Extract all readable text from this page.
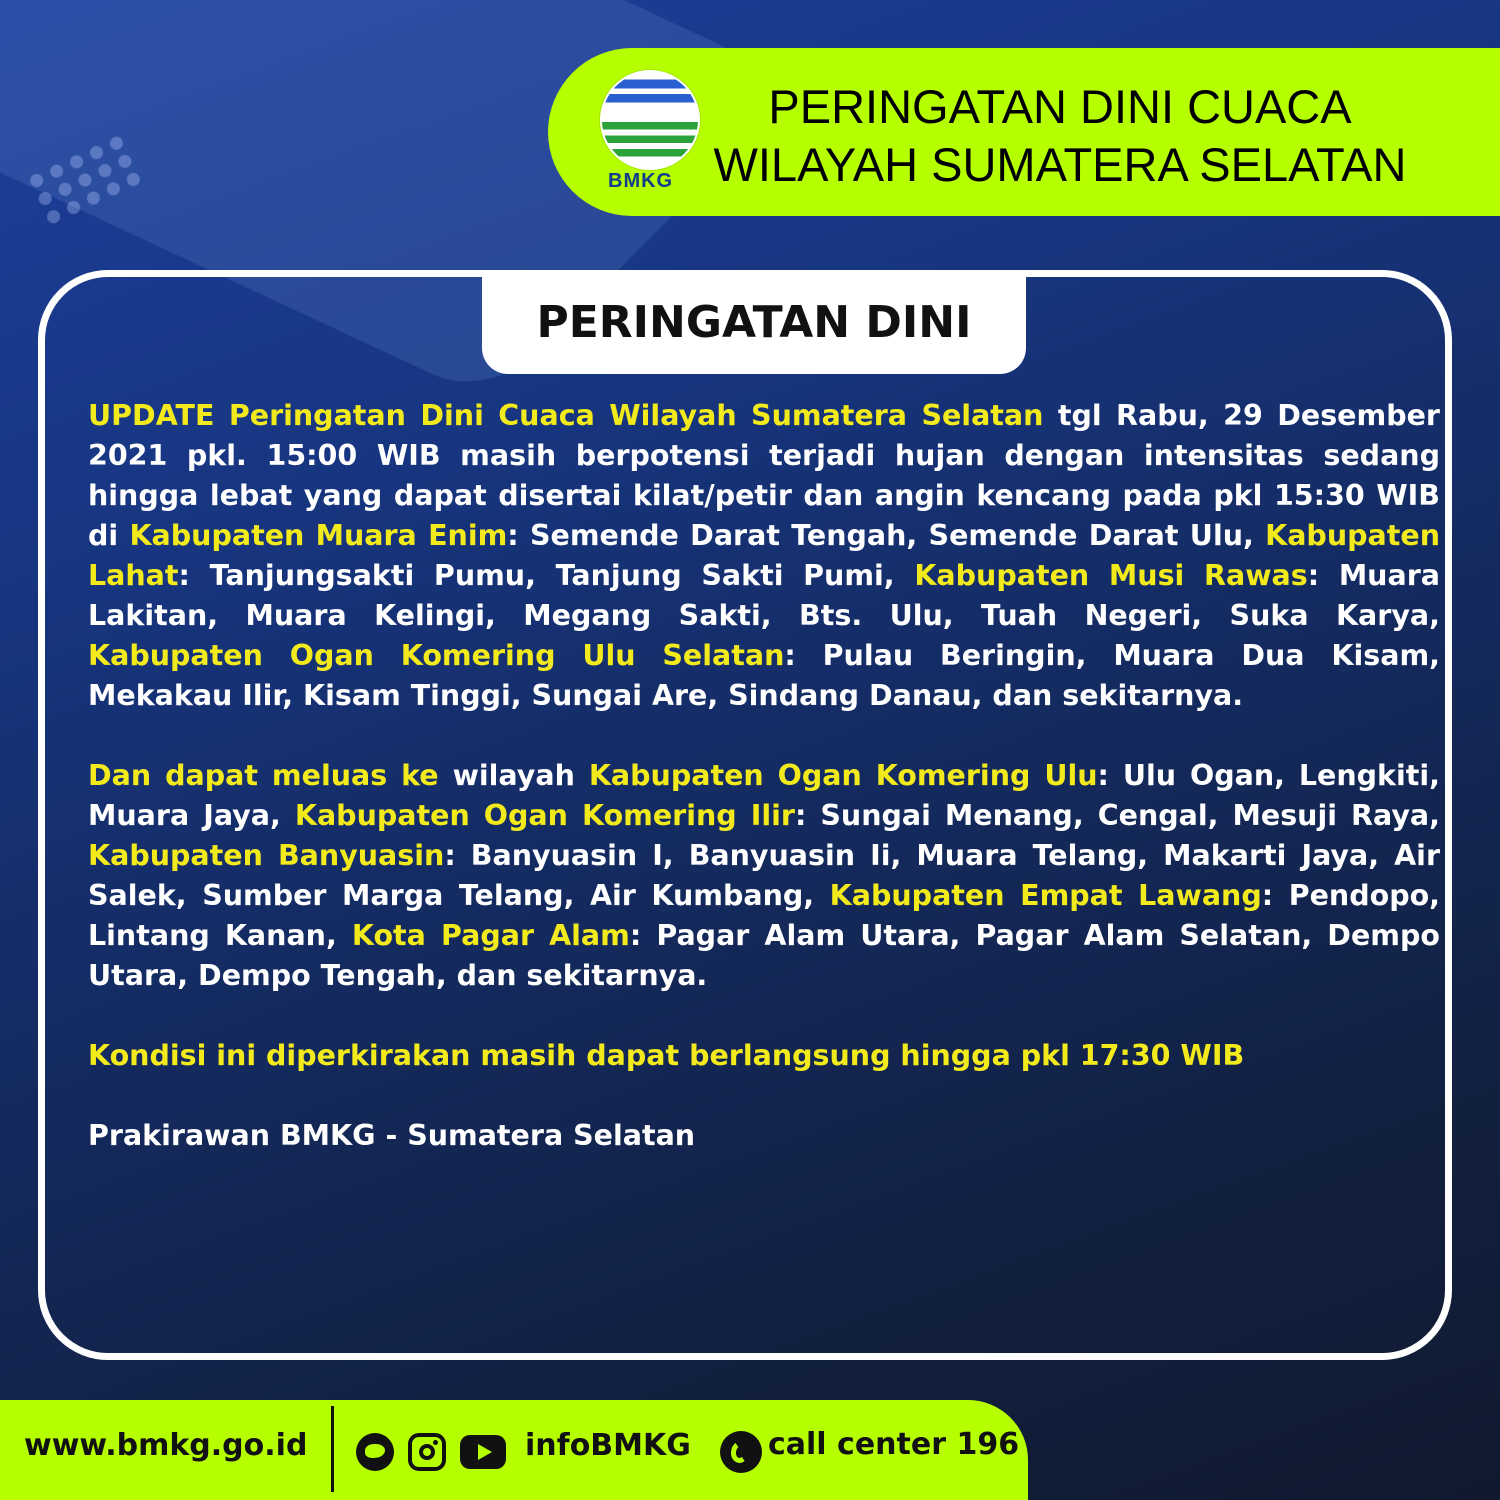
BMKG
PERINGATAN DINI CUACA
WILAYAH SUMATERA SELATAN
PERINGATAN DINI

UPDATE Peringatan Dini Cuaca Wilayah Sumatera Selatan tgl Rabu, 29 Desember 2021 pkl. 15:00 WIB masih berpotensi terjadi hujan dengan intensitas sedang hingga lebat yang dapat disertai kilat/petir dan angin kencang pada pkl 15:30 WIB di Kabupaten Muara Enim: Semende Darat Tengah, Semende Darat Ulu, Kabupaten Lahat: Tanjungsakti Pumu, Tanjung Sakti Pumi, Kabupaten Musi Rawas: Muara Lakitan, Muara Kelingi, Megang Sakti, Bts. Ulu, Tuah Negeri, Suka Karya, Kabupaten Ogan Komering Ulu Selatan: Pulau Beringin, Muara Dua Kisam, Mekakau Ilir, Kisam Tinggi, Sungai Are, Sindang Danau, dan sekitarnya.

Dan dapat meluas ke wilayah Kabupaten Ogan Komering Ulu: Ulu Ogan, Lengkiti, Muara Jaya, Kabupaten Ogan Komering Ilir: Sungai Menang, Cengal, Mesuji Raya, Kabupaten Banyuasin: Banyuasin I, Banyuasin Ii, Muara Telang, Makarti Jaya, Air Salek, Sumber Marga Telang, Air Kumbang, Kabupaten Empat Lawang: Pendopo, Lintang Kanan, Kota Pagar Alam: Pagar Alam Utara, Pagar Alam Selatan, Dempo Utara, Dempo Tengah, dan sekitarnya.

Kondisi ini diperkirakan masih dapat berlangsung hingga pkl 17:30 WIB

Prakirawan BMKG - Sumatera Selatan

www.bmkg.go.id	infoBMKG	call center 196
